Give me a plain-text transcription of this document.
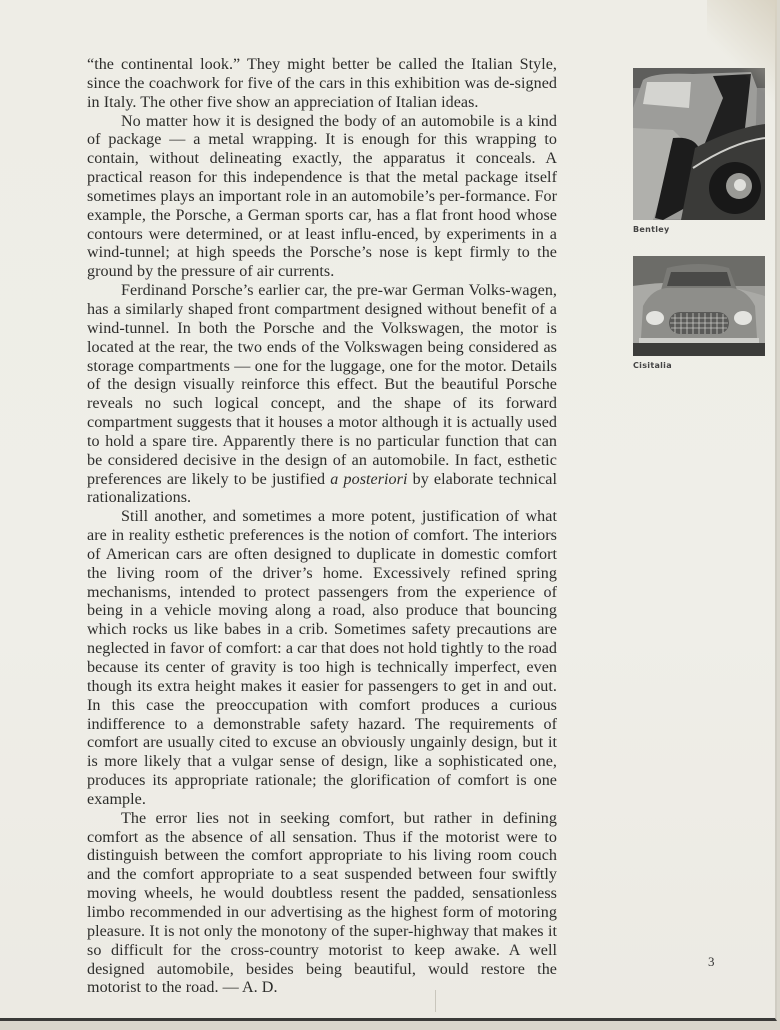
“the continental look.” They might better be called the Italian Style, since the coachwork for five of the cars in this exhibition was de-signed in Italy. The other five show an appreciation of Italian ideas.

No matter how it is designed the body of an automobile is a kind of package — a metal wrapping. It is enough for this wrapping to contain, without delineating exactly, the apparatus it conceals. A practical reason for this independence is that the metal package itself sometimes plays an important role in an automobile’s per-formance. For example, the Porsche, a German sports car, has a flat front hood whose contours were determined, or at least influ-enced, by experiments in a wind-tunnel; at high speeds the Porsche’s nose is kept firmly to the ground by the pressure of air currents.

Ferdinand Porsche’s earlier car, the pre-war German Volks-wagen, has a similarly shaped front compartment designed without benefit of a wind-tunnel. In both the Porsche and the Volkswagen, the motor is located at the rear, the two ends of the Volkswagen being considered as storage compartments — one for the luggage, one for the motor. Details of the design visually reinforce this effect. But the beautiful Porsche reveals no such logical concept, and the shape of its forward compartment suggests that it houses a motor although it is actually used to hold a spare tire. Apparently there is no particular function that can be considered decisive in the design of an automobile. In fact, esthetic preferences are likely to be justified a posteriori by elaborate technical rationalizations.

Still another, and sometimes a more potent, justification of what are in reality esthetic preferences is the notion of comfort. The interiors of American cars are often designed to duplicate in domestic comfort the living room of the driver’s home. Excessively refined spring mechanisms, intended to protect passengers from the experience of being in a vehicle moving along a road, also produce that bouncing which rocks us like babes in a crib. Sometimes safety precautions are neglected in favor of comfort: a car that does not hold tightly to the road because its center of gravity is too high is technically imperfect, even though its extra height makes it easier for passengers to get in and out. In this case the preoccupation with comfort produces a curious indifference to a demonstrable safety hazard. The requirements of comfort are usually cited to excuse an obviously ungainly design, but it is more likely that a vulgar sense of design, like a sophisticated one, produces its appropriate rationale; the glorification of comfort is one example.

The error lies not in seeking comfort, but rather in defining comfort as the absence of all sensation. Thus if the motorist were to distinguish between the comfort appropriate to his living room couch and the comfort appropriate to a seat suspended between four swiftly moving wheels, he would doubtless resent the padded, sensationless limbo recommended in our advertising as the highest form of motoring pleasure. It is not only the monotony of the super-highway that makes it so difficult for the cross-country motorist to keep awake. A well designed automobile, besides being beautiful, would restore the motorist to the road. — A. D.

Bentley
Cisitalia
3
